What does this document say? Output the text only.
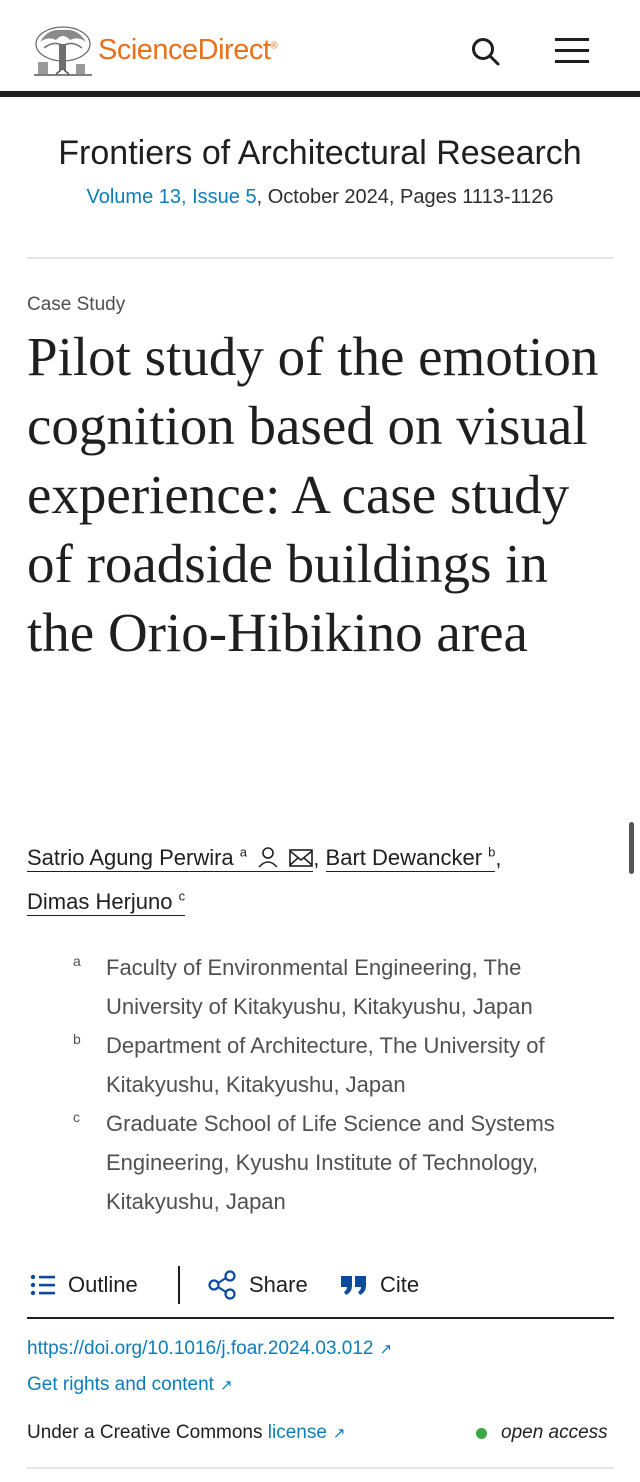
ScienceDirect®
Frontiers of Architectural Research
Volume 13, Issue 5, October 2024, Pages 1113-1126
Case Study
Pilot study of the emotion cognition based on visual experience: A case study of roadside buildings in the Orio-Hibikino area
Satrio Agung Perwira $^a$	, Bart Dewancker $^b$,
Dimas Herjuno $^c$
a	Faculty of Environmental Engineering, The University of Kitakyushu, Kitakyushu, Japan
b	Department of Architecture, The University of Kitakyushu, Kitakyushu, Japan
c	Graduate School of Life Science and Systems Engineering, Kyushu Institute of Technology, Kitakyushu, Japan
Outline	Share	Cite
https://doi.org/10.1016/j.foar.2024.03.012 ↗
Get rights and content ↗
Under a Creative Commons license ↗	open access
